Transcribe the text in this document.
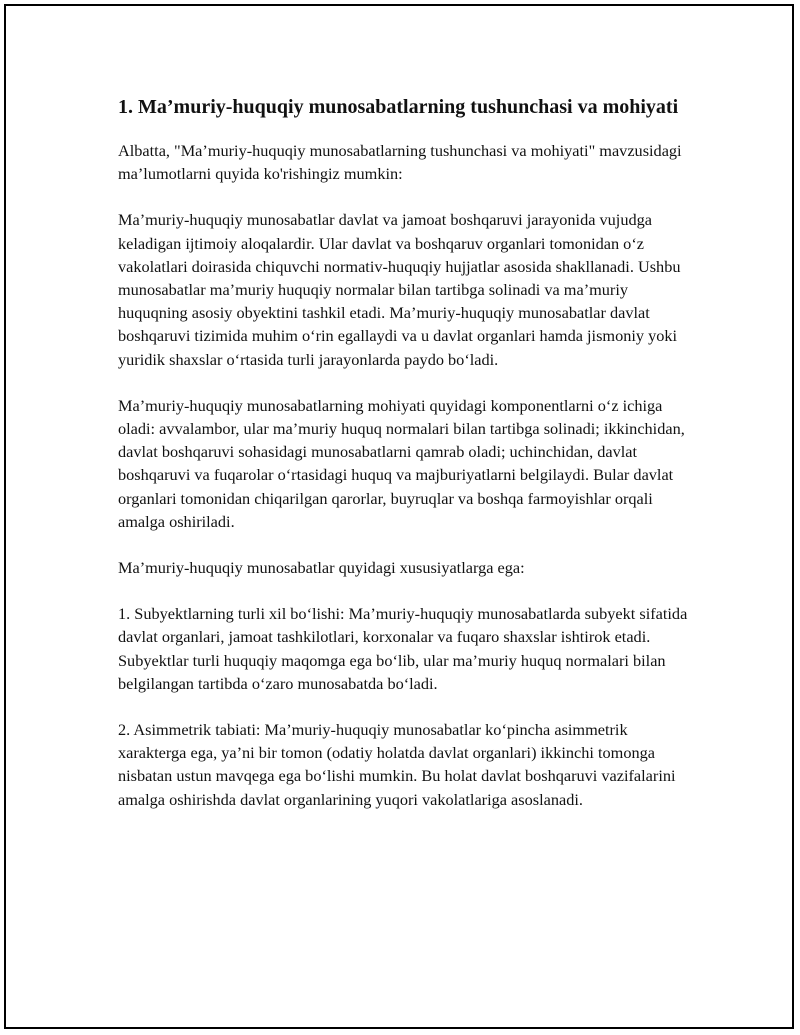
1. Ma’muriy-huquqiy munosabatlarning tushunchasi va mohiyati

Albatta, "Ma’muriy-huquqiy munosabatlarning tushunchasi va mohiyati" mavzusidagi ma’lumotlarni quyida ko'rishingiz mumkin:

Ma’muriy-huquqiy munosabatlar davlat va jamoat boshqaruvi jarayonida vujudga keladigan ijtimoiy aloqalardir. Ular davlat va boshqaruv organlari tomonidan o‘z vakolatlari doirasida chiquvchi normativ-huquqiy hujjatlar asosida shakllanadi. Ushbu munosabatlar ma’muriy huquqiy normalar bilan tartibga solinadi va ma’muriy huquqning asosiy obyektini tashkil etadi. Ma’muriy-huquqiy munosabatlar davlat boshqaruvi tizimida muhim o‘rin egallaydi va u davlat organlari hamda jismoniy yoki yuridik shaxslar o‘rtasida turli jarayonlarda paydo bo‘ladi.

Ma’muriy-huquqiy munosabatlarning mohiyati quyidagi komponentlarni o‘z ichiga oladi: avvalambor, ular ma’muriy huquq normalari bilan tartibga solinadi; ikkinchidan, davlat boshqaruvi sohasidagi munosabatlarni qamrab oladi; uchinchidan, davlat boshqaruvi va fuqarolar o‘rtasidagi huquq va majburiyatlarni belgilaydi. Bular davlat organlari tomonidan chiqarilgan qarorlar, buyruqlar va boshqa farmoyishlar orqali amalga oshiriladi.

Ma’muriy-huquqiy munosabatlar quyidagi xususiyatlarga ega:

1. Subyektlarning turli xil bo‘lishi: Ma’muriy-huquqiy munosabatlarda subyekt sifatida davlat organlari, jamoat tashkilotlari, korxonalar va fuqaro shaxslar ishtirok etadi. Subyektlar turli huquqiy maqomga ega bo‘lib, ular ma’muriy huquq normalari bilan belgilangan tartibda o‘zaro munosabatda bo‘ladi.

2. Asimmetrik tabiati: Ma’muriy-huquqiy munosabatlar ko‘pincha asimmetrik xarakterga ega, ya’ni bir tomon (odatiy holatda davlat organlari) ikkinchi tomonga nisbatan ustun mavqega ega bo‘lishi mumkin. Bu holat davlat boshqaruvi vazifalarini amalga oshirishda davlat organlarining yuqori vakolatlariga asoslanadi.
